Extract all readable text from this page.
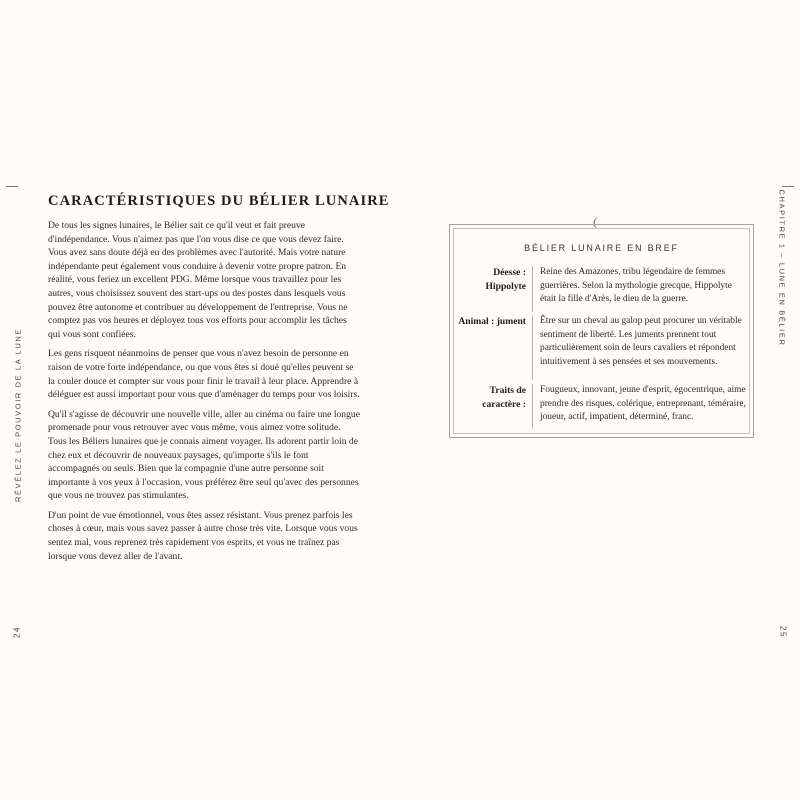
RÉVÉLEZ LE POUVOIR DE LA LUNE
CHAPITRE 1 – LUNE EN BÉLIER
24	25
CARACTÉRISTIQUES DU BÉLIER LUNAIRE

De tous les signes lunaires, le Bélier sait ce qu'il veut et fait preuve d'indépendance. Vous n'aimez pas que l'on vous dise ce que vous devez faire. Vous avez sans doute déjà eu des problèmes avec l'autorité. Mais votre nature indépendante peut également vous conduire à devenir votre propre patron. En réalité, vous feriez un excellent PDG. Même lorsque vous travaillez pour les autres, vous choisissez souvent des start-ups ou des postes dans lesquels vous pouvez être autonome et contribuer au développement de l'entreprise. Vous ne comptez pas vos heures et déployez tous vos efforts pour accomplir les tâches qui vous sont confiées.

Les gens risquent néanmoins de penser que vous n'avez besoin de personne en raison de votre forte indépendance, ou que vous êtes si doué qu'elles peuvent se la couler douce et compter sur vous pour finir le travail à leur place. Apprendre à déléguer est aussi important pour vous que d'aménager du temps pour vos loisirs.

Qu'il s'agisse de découvrir une nouvelle ville, aller au cinéma ou faire une longue promenade pour vous retrouver avec vous même, vous aimez votre solitude. Tous les Béliers lunaires que je connais aiment voyager. Ils adorent partir loin de chez eux et découvrir de nouveaux paysages, qu'importe s'ils le font accompagnés ou seuls. Bien que la compagnie d'une autre personne soit importante à vos yeux à l'occasion, vous préférez être seul qu'avec des personnes que vous ne trouvez pas stimulantes.

D'un point de vue émotionnel, vous êtes assez résistant. Vous prenez parfois les choses à cœur, mais vous savez passer à autre chose très vite. Lorsque vous vous sentez mal, vous reprenez très rapidement vos esprits, et vous ne traînez pas lorsque vous devez aller de l'avant.

BÉLIER LUNAIRE EN BREF
Déesse : Hippolyte
Reine des Amazones, tribu légendaire de femmes guerrières. Selon la mythologie grecque, Hippolyte était la fille d'Arès, le dieu de la guerre.
Animal : jument Être sur un cheval au galop peut procurer un véritable sentiment de liberté. Les juments prennent tout particulièrement soin de leurs cavaliers et répondent intuitivement à ses pensées et ses mouvements.
Traits de caractère :
Fougueux, innovant, jeune d'esprit, égocentrique, aime prendre des risques, colérique, entreprenant, téméraire, joueur, actif, impatient, déterminé, franc.
